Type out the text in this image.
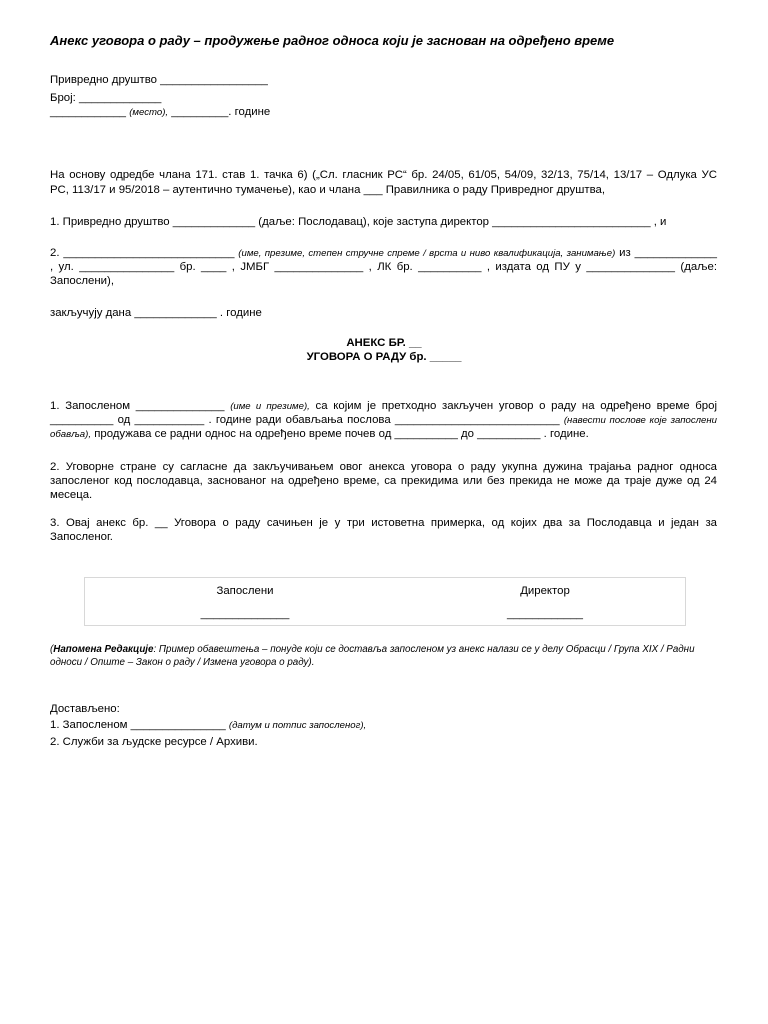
Анекс уговора о раду – продужење радног односа који је заснован на одређено време
Привредно друштво _________________
Број: _____________
____________ (место), _________. године
На основу одредбе члана 171. став 1. тачка 6) („Сл. гласник РС“ бр. 24/05, 61/05, 54/09, 32/13, 75/14, 13/17 – Одлука УС
РС, 113/17 и 95/2018 – аутентично тумачење), као и члана ___ Правилника о раду Привредног друштва,
1. Привредно друштво _____________ (даље: Послодавац), које заступа директор _________________________ , и
2. ___________________________ (име, презиме, степен стручне спреме / врста и ниво квалификација, занимање) из _____________
, ул. _______________ бр. ____ , ЈМБГ ______________ , ЛК бр. __________ , издата од ПУ у ______________ (даље:
Запослени),
закључују дана _____________ . године
АНЕКС БР. __
УГОВОРА О РАДУ бр. _____
1. Запосленом ______________ (име и презиме), са којим је претходно закључен уговор о раду на одређено време број
__________ од ___________ . године ради обављања послова __________________________ (навести послове које запослени
обавља), продужава се радни однос на одређено време почев од __________ до __________ . године.
2. Уговорне стране су сагласне да закључивањем овог анекса уговора о раду укупна дужина трајања радног односа
запосленог код послодавца, заснованог на одређено време, са прекидима или без прекида не може да траје дуже од 24
месеца.
3. Овај анекс бр. __ Уговора о раду сачињен је у три истоветна примерка, од којих два за Послодавца и један за
Запосленог.
Запослени
______________
Директор
____________
(Напомена Редакције: Пример обавештења – понуде који се доставља запосленом уз анекс налази се у делу Обрасци / Група XIX / Радни односи / Опште – Закон о раду / Измена уговора о раду).
Достављено:
1. Запосленом _______________ (датум и потпис запосленог),
2. Служби за људске ресурсе / Архиви.
